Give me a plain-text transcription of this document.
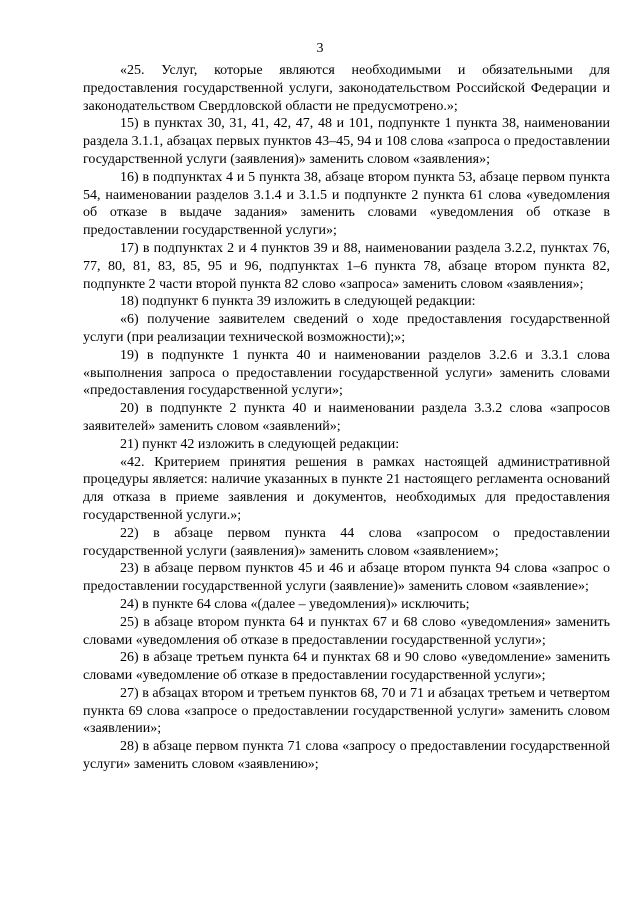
3

«25. Услуг, которые являются необходимыми и обязательными для предоставления государственной услуги, законодательством Российской Федерации и законодательством Свердловской области не предусмотрено.»;

15) в пунктах 30, 31, 41, 42, 47, 48 и 101, подпункте 1 пункта 38, наименовании раздела 3.1.1, абзацах первых пунктов 43–45, 94 и 108 слова «запроса о предоставлении государственной услуги (заявления)» заменить словом «заявления»;

16) в подпунктах 4 и 5 пункта 38, абзаце втором пункта 53, абзаце первом пункта 54, наименовании разделов 3.1.4 и 3.1.5 и подпункте 2 пункта 61 слова «уведомления об отказе в выдаче задания» заменить словами «уведомления об отказе в предоставлении государственной услуги»;

17) в подпунктах 2 и 4 пунктов 39 и 88, наименовании раздела 3.2.2, пунктах 76, 77, 80, 81, 83, 85, 95 и 96, подпунктах 1–6 пункта 78, абзаце втором пункта 82, подпункте 2 части второй пункта 82 слово «запроса» заменить словом «заявления»;

18) подпункт 6 пункта 39 изложить в следующей редакции:

«6) получение заявителем сведений о ходе предоставления государственной услуги (при реализации технической возможности);»;

19) в подпункте 1 пункта 40 и наименовании разделов 3.2.6 и 3.3.1 слова «выполнения запроса о предоставлении государственной услуги» заменить словами «предоставления государственной услуги»;

20) в подпункте 2 пункта 40 и наименовании раздела 3.3.2 слова «запросов заявителей» заменить словом «заявлений»;

21) пункт 42 изложить в следующей редакции:

«42. Критерием принятия решения в рамках настоящей административной процедуры является: наличие указанных в пункте 21 настоящего регламента оснований для отказа в приеме заявления и документов, необходимых для предоставления государственной услуги.»;

22) в абзаце первом пункта 44 слова «запросом о предоставлении государственной услуги (заявления)» заменить словом «заявлением»;

23) в абзаце первом пунктов 45 и 46 и абзаце втором пункта 94 слова «запрос о предоставлении государственной услуги (заявление)» заменить словом «заявление»;

24) в пункте 64 слова «(далее – уведомления)» исключить;

25) в абзаце втором пункта 64 и пунктах 67 и 68 слово «уведомления» заменить словами «уведомления об отказе в предоставлении государственной услуги»;

26) в абзаце третьем пункта 64 и пунктах 68 и 90 слово «уведомление» заменить словами «уведомление об отказе в предоставлении государственной услуги»;

27) в абзацах втором и третьем пунктов 68, 70 и 71 и абзацах третьем и четвертом пункта 69 слова «запросе о предоставлении государственной услуги» заменить словом «заявлении»;

28) в абзаце первом пункта 71 слова «запросу о предоставлении государственной услуги» заменить словом «заявлению»;
